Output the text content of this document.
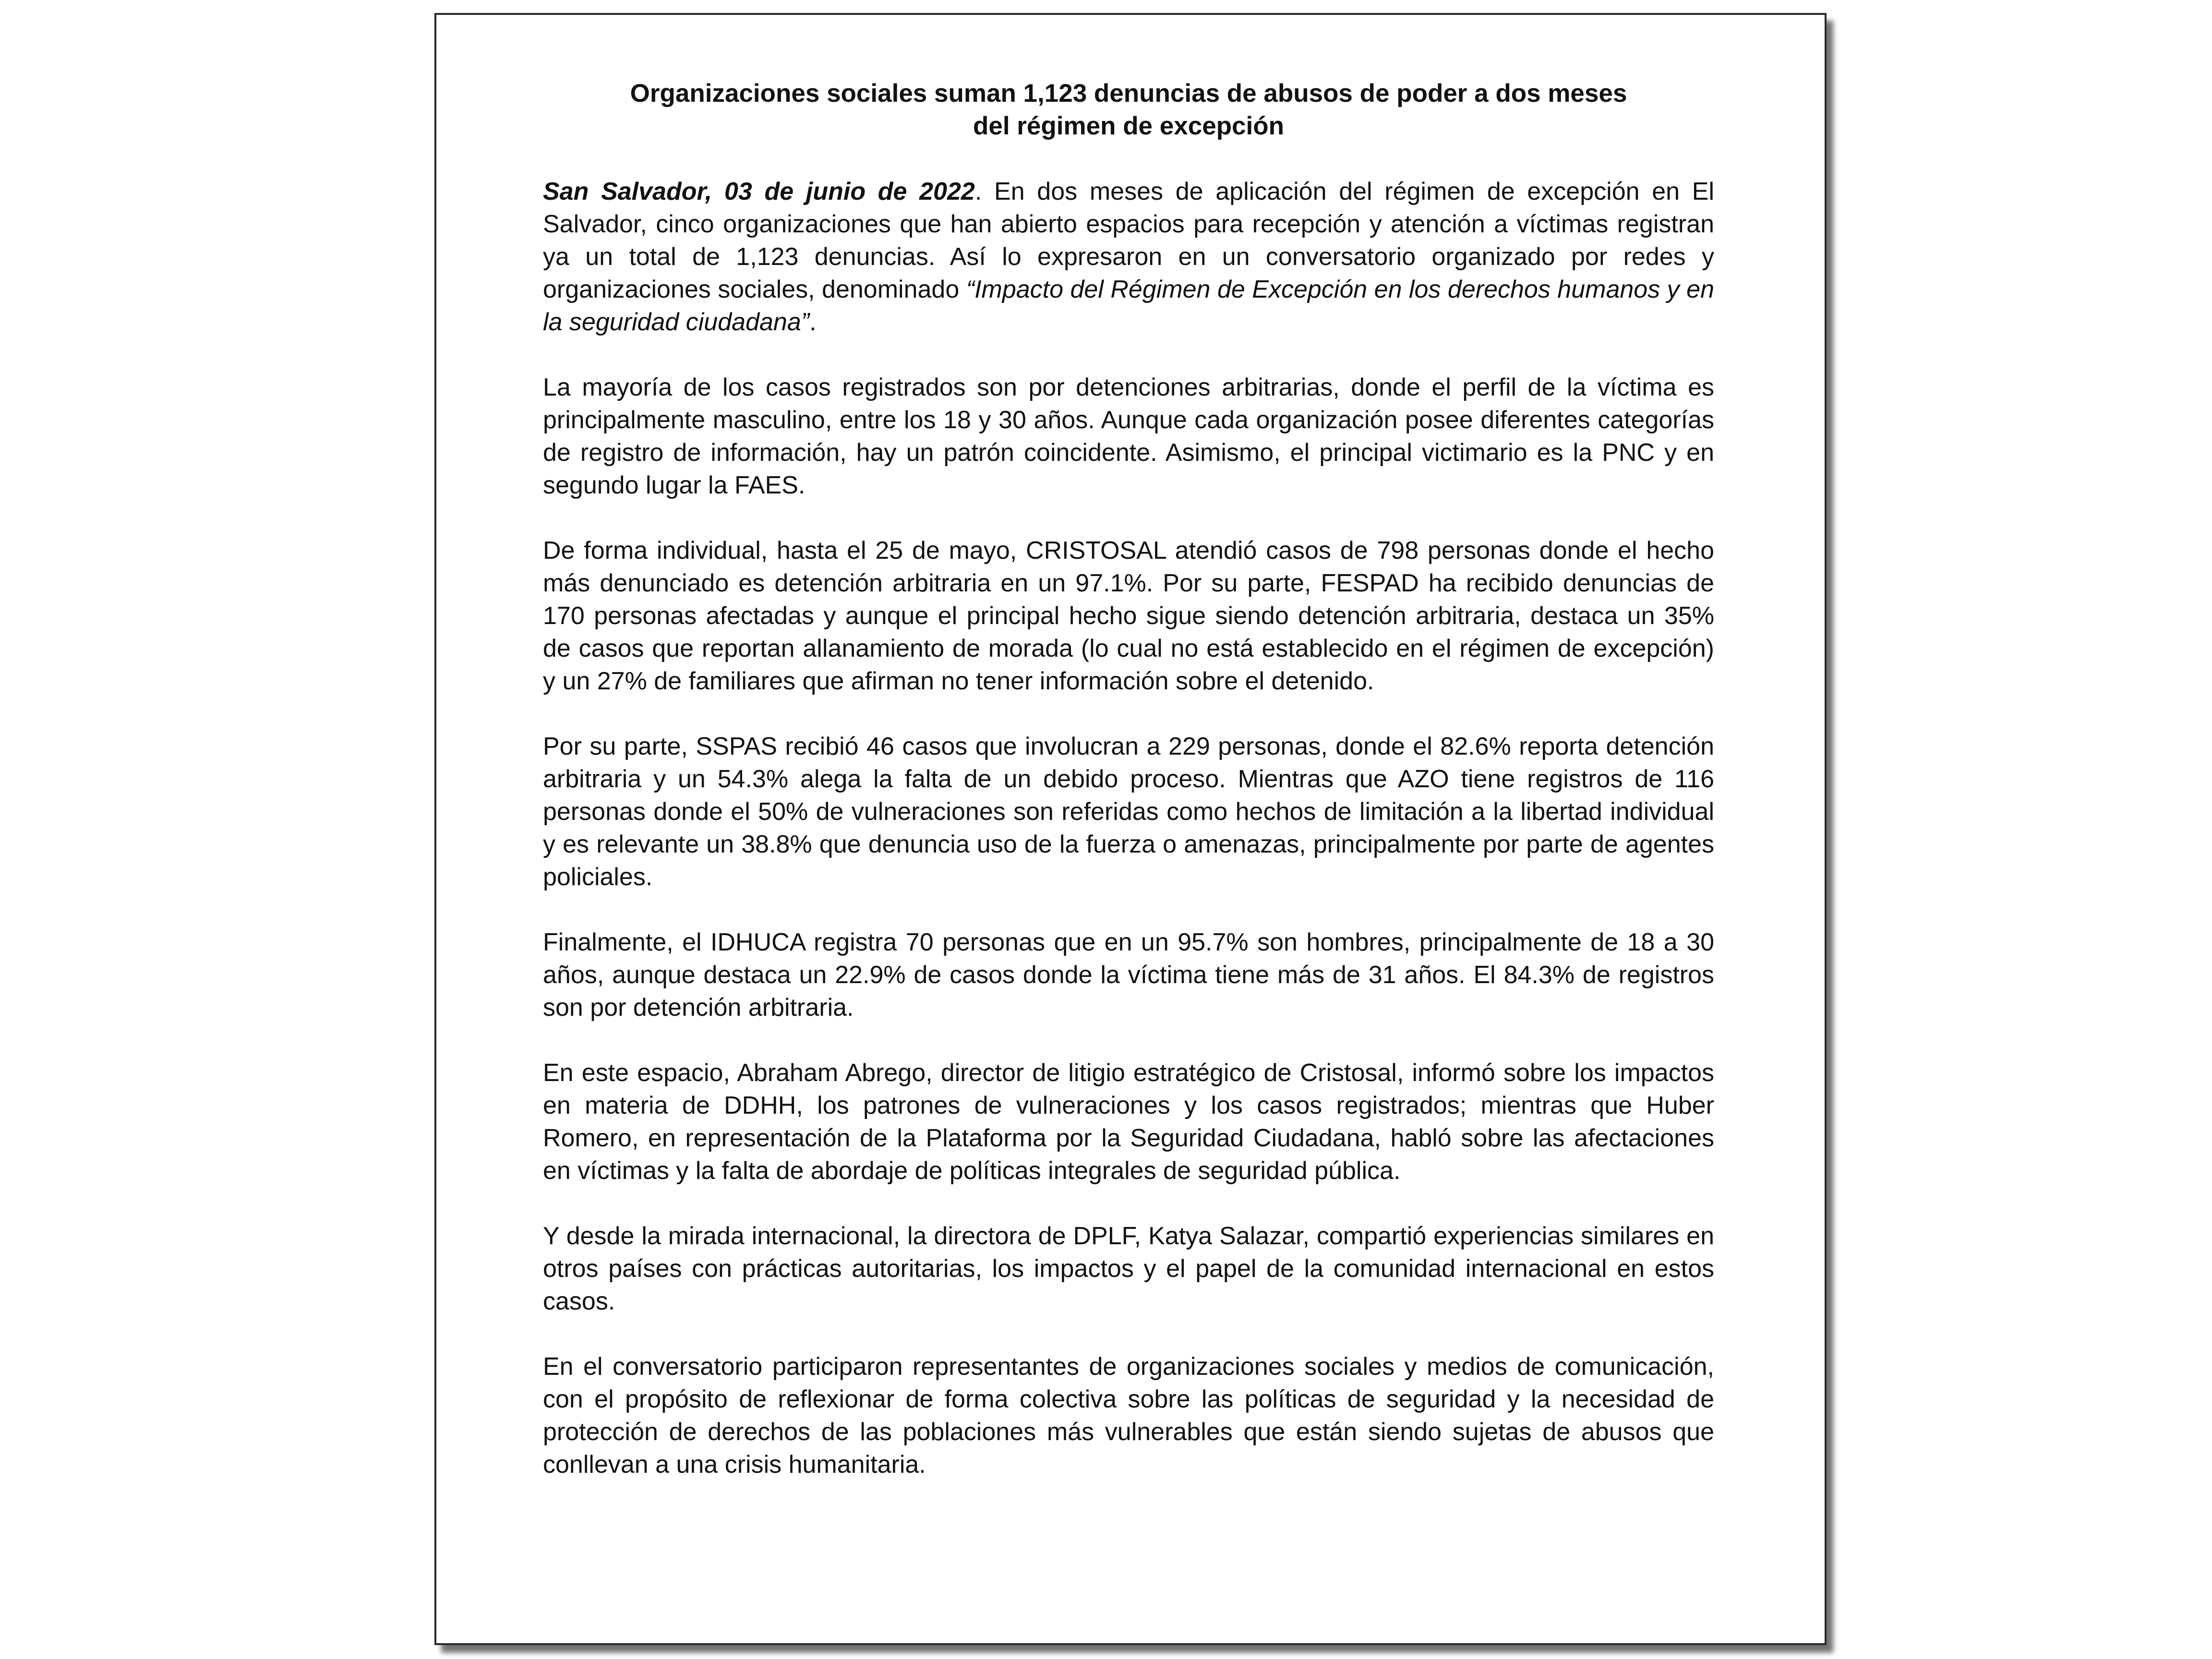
Organizaciones sociales suman 1,123 denuncias de abusos de poder a dos meses
del régimen de excepción

San Salvador, 03 de junio de 2022. En dos meses de aplicación del régimen de excepción en El Salvador, cinco organizaciones que han abierto espacios para recepción y atención a víctimas registran ya un total de 1,123 denuncias. Así lo expresaron en un conversatorio organizado por redes y organizaciones sociales, denominado “Impacto del Régimen de Excepción en los derechos humanos y en la seguridad ciudadana”.

La mayoría de los casos registrados son por detenciones arbitrarias, donde el perfil de la víctima es principalmente masculino, entre los 18 y 30 años. Aunque cada organización posee diferentes categorías de registro de información, hay un patrón coincidente. Asimismo, el principal victimario es la PNC y en segundo lugar la FAES.

De forma individual, hasta el 25 de mayo, CRISTOSAL atendió casos de 798 personas donde el hecho más denunciado es detención arbitraria en un 97.1%. Por su parte, FESPAD ha recibido denuncias de 170 personas afectadas y aunque el principal hecho sigue siendo detención arbitraria, destaca un 35% de casos que reportan allanamiento de morada (lo cual no está establecido en el régimen de excepción) y un 27% de familiares que afirman no tener información sobre el detenido.

Por su parte, SSPAS recibió 46 casos que involucran a 229 personas, donde el 82.6% reporta detención arbitraria y un 54.3% alega la falta de un debido proceso. Mientras que AZO tiene registros de 116 personas donde el 50% de vulneraciones son referidas como hechos de limitación a la libertad individual y es relevante un 38.8% que denuncia uso de la fuerza o amenazas, principalmente por parte de agentes policiales.

Finalmente, el IDHUCA registra 70 personas que en un 95.7% son hombres, principalmente de 18 a 30 años, aunque destaca un 22.9% de casos donde la víctima tiene más de 31 años. El 84.3% de registros son por detención arbitraria.

En este espacio, Abraham Abrego, director de litigio estratégico de Cristosal, informó sobre los impactos en materia de DDHH, los patrones de vulneraciones y los casos registrados; mientras que Huber Romero, en representación de la Plataforma por la Seguridad Ciudadana, habló sobre las afectaciones en víctimas y la falta de abordaje de políticas integrales de seguridad pública.

Y desde la mirada internacional, la directora de DPLF, Katya Salazar, compartió experiencias similares en otros países con prácticas autoritarias, los impactos y el papel de la comunidad internacional en estos casos.

En el conversatorio participaron representantes de organizaciones sociales y medios de comunicación, con el propósito de reflexionar de forma colectiva sobre las políticas de seguridad y la necesidad de protección de derechos de las poblaciones más vulnerables que están siendo sujetas de abusos que conllevan a una crisis humanitaria.
